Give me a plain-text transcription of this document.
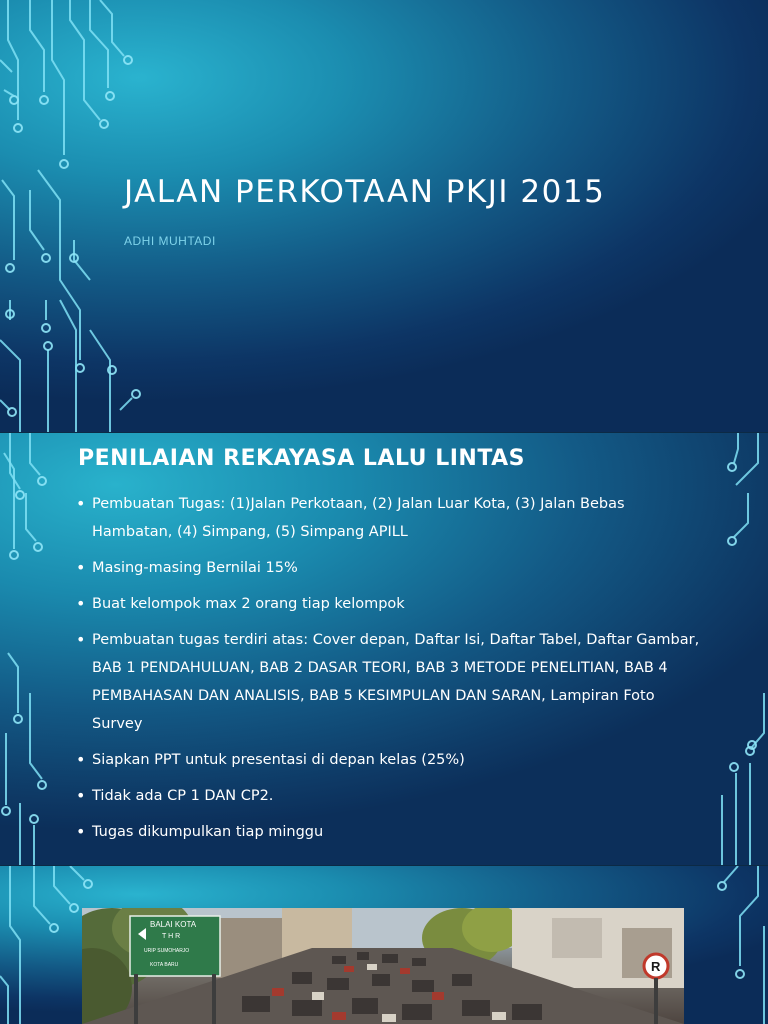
JALAN PERKOTAAN PKJI 2015

ADHI MUHTADI

PENILAIAN REKAYASA LALU LINTAS
• Pembuatan Tugas: (1)Jalan Perkotaan, (2) Jalan Luar Kota, (3) Jalan Bebas Hambatan, (4) Simpang, (5) Simpang APILL
• Masing-masing Bernilai 15%
• Buat kelompok max 2 orang tiap kelompok
• Pembuatan tugas terdiri atas: Cover depan, Daftar Isi, Daftar Tabel, Daftar Gambar, BAB 1 PENDAHULUAN, BAB 2 DASAR TEORI, BAB 3 METODE PENELITIAN, BAB 4 PEMBAHASAN DAN ANALISIS, BAB 5 KESIMPULAN DAN SARAN, Lampiran Foto Survey
• Siapkan PPT untuk presentasi di depan kelas (25%)
• Tidak ada CP 1 DAN CP2.
• Tugas dikumpulkan tiap minggu
BALAI KOTA
T H R
URIP SUMOHARJO
KOTA BARU	R
